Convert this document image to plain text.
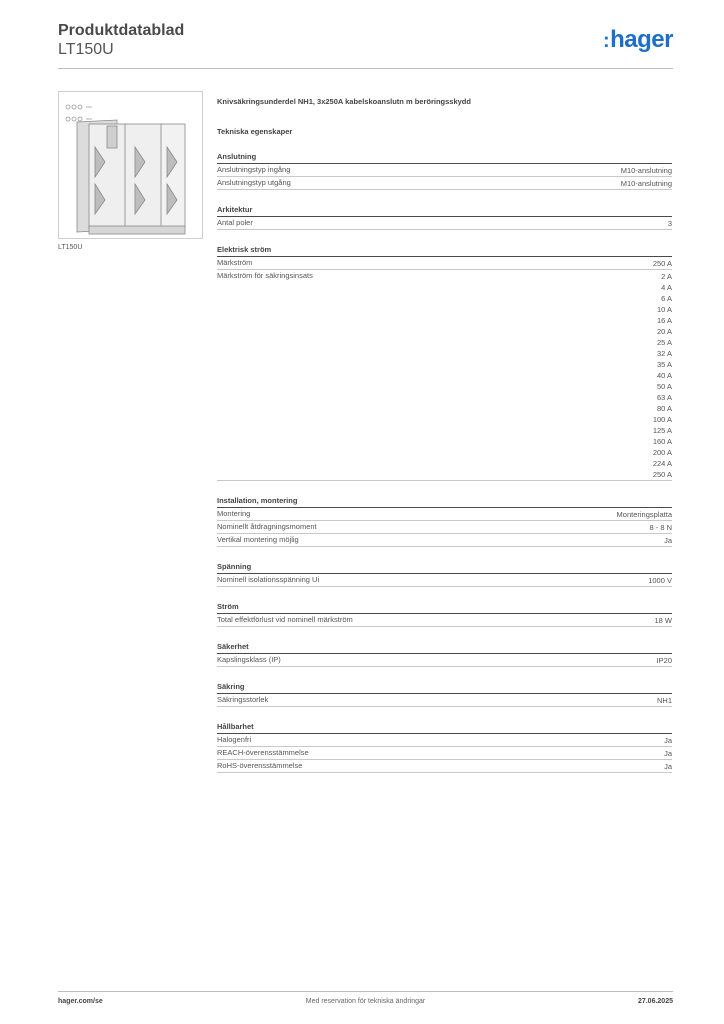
Produktdatablad
LT150U	:hager
LT150U
Knivsäkringsunderdel NH1, 3x250A kabelskoanslutn m beröringsskydd
Tekniska egenskaper
Anslutning
Anslutningstyp ingång	M10-anslutning
Anslutningstyp utgång	M10-anslutning
Arkitektur
Antal poler	3
Elektrisk ström
Märkström	250 A
Märkström för säkringsinsats	2 A
4 A
6 A
10 A
16 A
20 A
25 A
32 A
35 A
40 A
50 A
63 A
80 A
100 A
125 A
160 A
200 A
224 A
250 A
Installation, montering
Montering	Monteringsplatta
Nominellt åtdragningsmoment	8 - 8 N
Vertikal montering möjlig	Ja
Spänning
Nominell isolationsspänning Ui	1000 V
Ström
Total effektförlust vid nominell märkström	18 W
Säkerhet
Kapslingsklass (IP)	IP20
Säkring
Säkringsstorlek	NH1
Hållbarhet
Halogenfri	Ja
REACH-överensstämmelse	Ja
RoHS-överensstämmelse	Ja
hager.com/se	Med reservation för tekniska ändringar	27.06.2025
